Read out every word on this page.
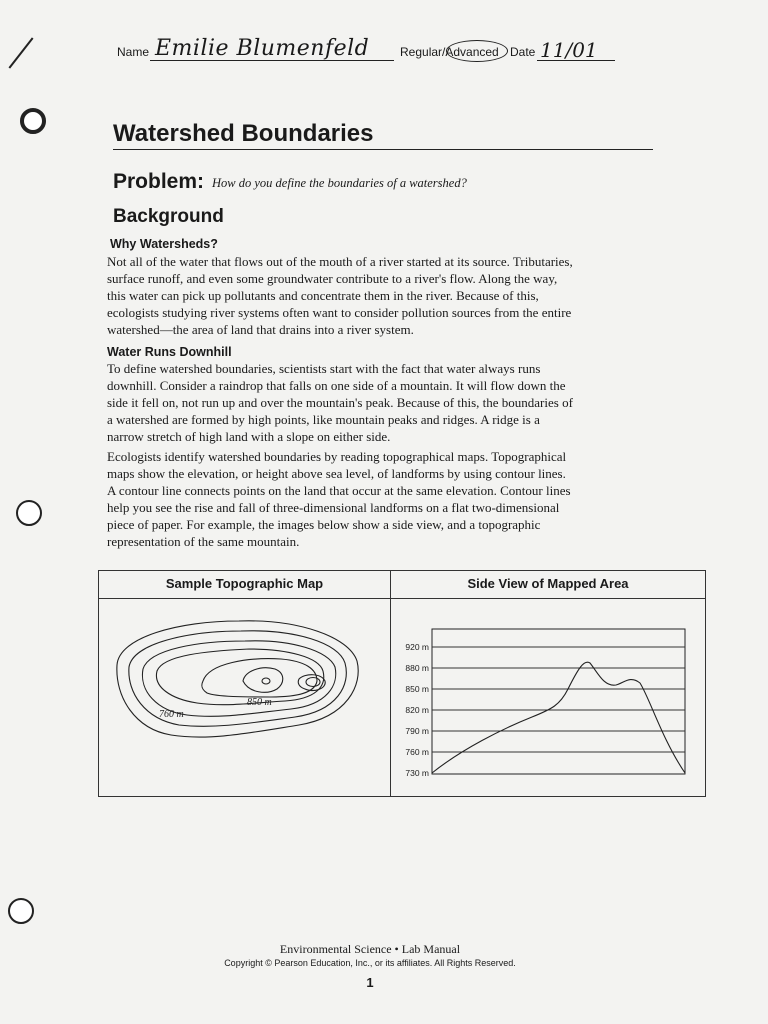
Name Emilie Blumenfeld	Regular/Advanced Date 11/01
Watershed Boundaries
Problem: How do you define the boundaries of a watershed?
Background
Why Watersheds?
Not all of the water that flows out of the mouth of a river started at its source. Tributaries, surface runoff, and even some groundwater contribute to a river's flow. Along the way, this water can pick up pollutants and concentrate them in the river. Because of this, ecologists studying river systems often want to consider pollution sources from the entire watershed—the area of land that drains into a river system.
Water Runs Downhill
To define watershed boundaries, scientists start with the fact that water always runs downhill. Consider a raindrop that falls on one side of a mountain. It will flow down the side it fell on, not run up and over the mountain's peak. Because of this, the boundaries of a watershed are formed by high points, like mountain peaks and ridges. A ridge is a narrow stretch of high land with a slope on either side.
Ecologists identify watershed boundaries by reading topographical maps. Topographical maps show the elevation, or height above sea level, of landforms by using contour lines. A contour line connects points on the land that occur at the same elevation. Contour lines help you see the rise and fall of three-dimensional landforms on a flat two-dimensional piece of paper. For example, the images below show a side view, and a topographic representation of the same mountain.
Sample Topographic Map	Side View of Mapped Area
760 m
850 m
920 m
880 m
850 m
820 m
790 m
760 m
730 m
Environmental Science • Lab Manual
Copyright © Pearson Education, Inc., or its affiliates. All Rights Reserved.
1
